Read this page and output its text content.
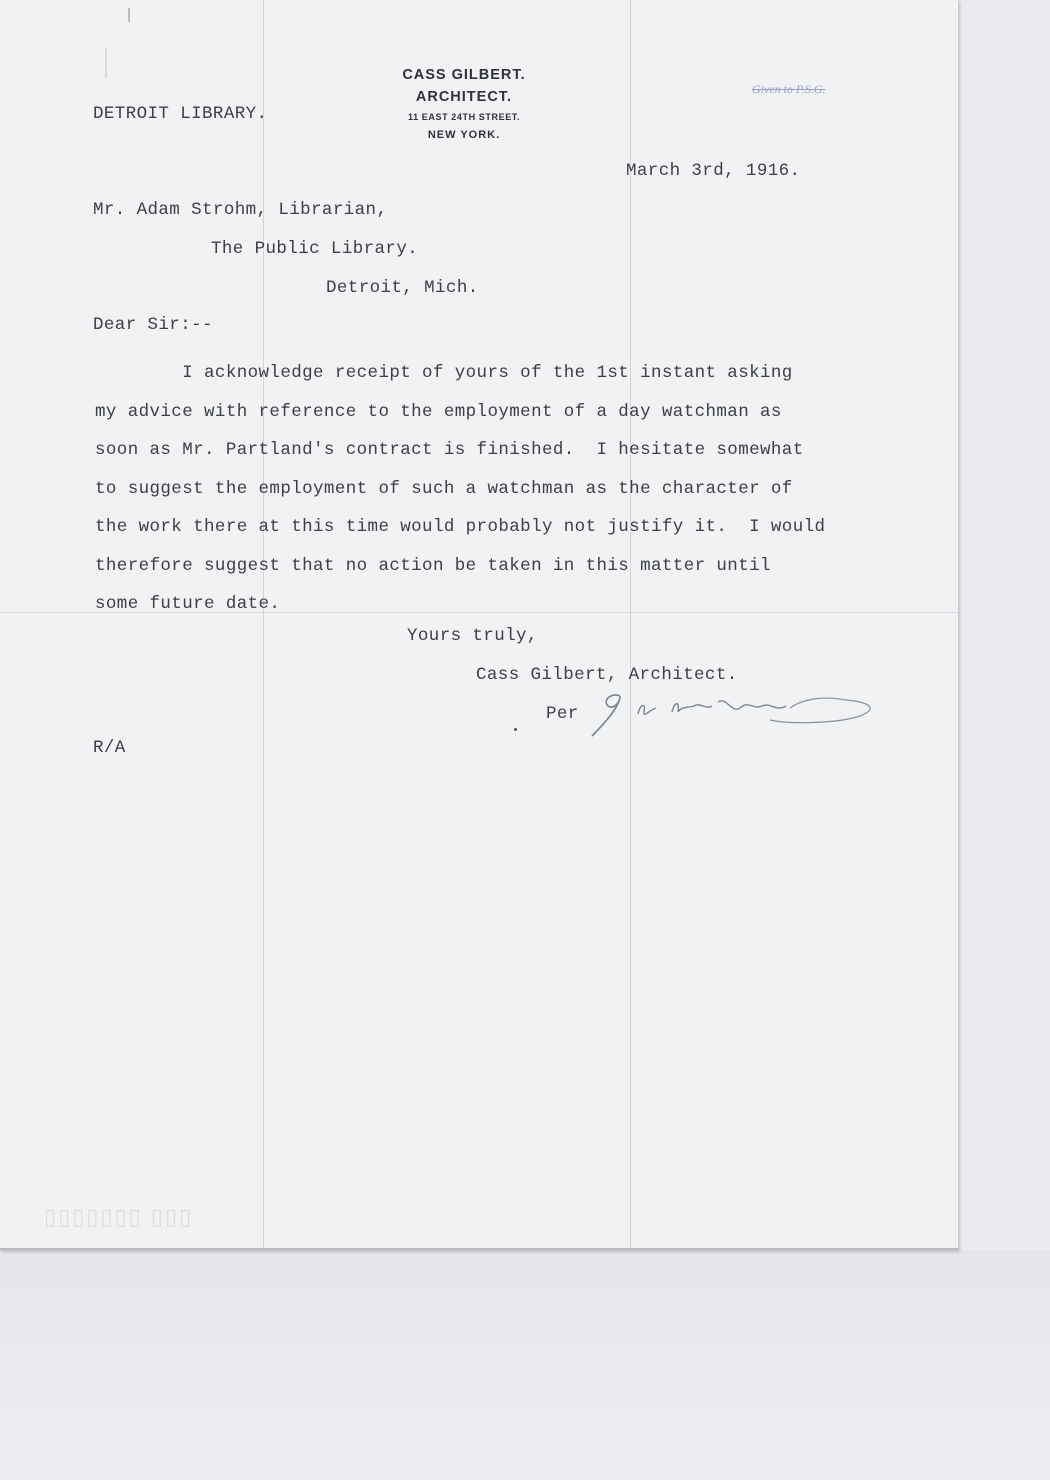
DETROIT LIBRARY.
CASS GILBERT.
ARCHITECT.
11 EAST 24TH STREET.
NEW YORK.
Given to P.S.G.
March 3rd, 1916.
Mr. Adam Strohm, Librarian,
The Public Library.
Detroit, Mich.
Dear Sir:--
I acknowledge receipt of yours of the 1st instant asking
my advice with reference to the employment of a day watchman as
soon as Mr. Partland's contract is finished.  I hesitate somewhat
to suggest the employment of such a watchman as the character of
the work there at this time would probably not justify it.  I would
therefore suggest that no action be taken in this matter until
some future date.
Yours truly,
Cass Gilbert, Architect.
Per
R/A
▯▯▯▯▯▯▯ ▯▯▯
